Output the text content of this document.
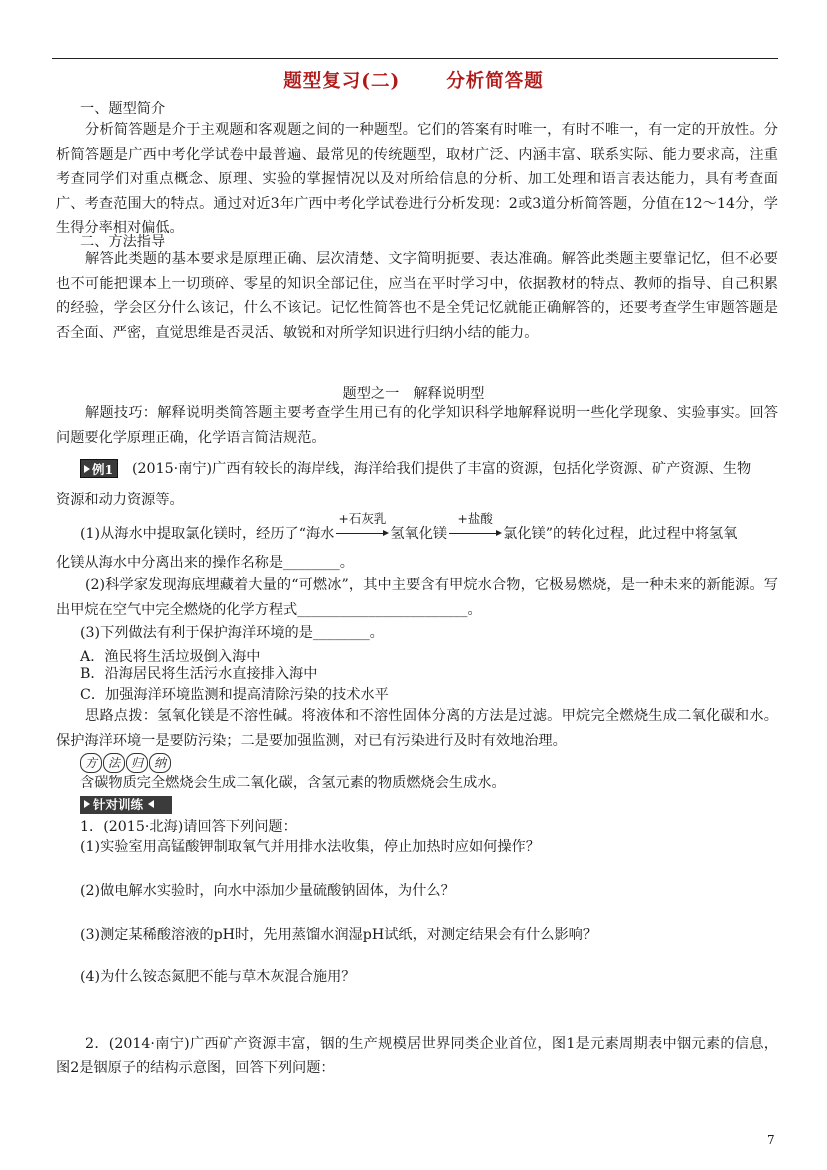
题型复习(二) 分析简答题
一、题型简介
分析简答题是介于主观题和客观题之间的一种题型。它们的答案有时唯一，有时不唯一，有一定的开放性。分析简答题是广西中考化学试卷中最普遍、最常见的传统题型，取材广泛、内涵丰富、联系实际、能力要求高，注重考查同学们对重点概念、原理、实验的掌握情况以及对所给信息的分析、加工处理和语言表达能力，具有考查面广、考查范围大的特点。通过对近3年广西中考化学试卷进行分析发现：2或3道分析简答题，分值在12～14分，学生得分率相对偏低。
二、方法指导
解答此类题的基本要求是原理正确、层次清楚、文字简明扼要、表达准确。解答此类题主要靠记忆，但不必要也不可能把课本上一切琐碎、零星的知识全部记住，应当在平时学习中，依据教材的特点、教师的指导、自己积累的经验，学会区分什么该记，什么不该记。记忆性简答也不是全凭记忆就能正确解答的，还要考查学生审题答题是否全面、严密，直觉思维是否灵活、敏锐和对所学知识进行归纳小结的能力。
题型之一　解释说明型
解题技巧：解释说明类简答题主要考查学生用已有的化学知识科学地解释说明一些化学现象、实验事实。回答问题要化学原理正确，化学语言简洁规范。
例1	(2015·南宁)广西有较长的海岸线，海洋给我们提供了丰富的资源，包括化学资源、矿产资源、生物
资源和动力资源等。
(1)从海水中提取氯化镁时，经历了“海水
+石灰乳
氢氧化镁
+盐酸
氯化镁”的转化过程，此过程中将氢氧
化镁从海水中分离出来的操作名称是________。
(2)科学家发现海底埋藏着大量的“可燃冰”，其中主要含有甲烷水合物，它极易燃烧，是一种未来的新能源。写出甲烷在空气中完全燃烧的化学方程式________________________。
(3)下列做法有利于保护海洋环境的是________。
A．渔民将生活垃圾倒入海中
B．沿海居民将生活污水直接排入海中
C．加强海洋环境监测和提高清除污染的技术水平
思路点拨：氢氧化镁是不溶性碱。将液体和不溶性固体分离的方法是过滤。甲烷完全燃烧生成二氧化碳和水。保护海洋环境一是要防污染；二是要加强监测，对已有污染进行及时有效地治理。
方 法 归 纳
含碳物质完全燃烧会生成二氧化碳，含氢元素的物质燃烧会生成水。
针对训练
1．(2015·北海)请回答下列问题：
(1)实验室用高锰酸钾制取氧气并用排水法收集，停止加热时应如何操作？
(2)做电解水实验时，向水中添加少量硫酸钠固体，为什么？
(3)测定某稀酸溶液的pH时，先用蒸馏水润湿pH试纸，对测定结果会有什么影响？
(4)为什么铵态氮肥不能与草木灰混合施用？
2．(2014·南宁)广西矿产资源丰富，铟的生产规模居世界同类企业首位，图1是元素周期表中铟元素的信息，图2是铟原子的结构示意图，回答下列问题：
7
